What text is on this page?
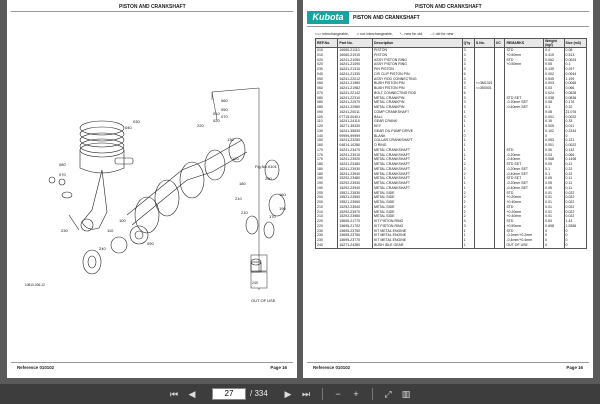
PISTON AND CRANKSHAFT
010
020
060
050
070
220
030
040
080
070
130
120
180
200
160
190
170
210
210
090
110
100
230
240
240
Fig.No.0101
OUT OF USE
10810-006-12
Reference 010102	Page 16
PISTON AND CRANKSHAFT
Kubota	PISTON AND CRANKSHAFT
<=> interchangeable, -> not interchangeable, *-- new for old, --> old for new
REF.No.	Part No.	Description	Q'ty	S.No.	I/C	REMARKS	Weight (kgf)	Size (m3)
010	16060-21110	PISTON	3			STD	0.4	0.08
010	16060-21910	PISTON	3			+0.50mm	0.415	0.513
020	16241-21050	ASSY PISTON RING	3			STD	0.062	0.0024
020	16241-21090	ASSY PISTON RING	3			+0.50mm	0.05	0.1
030	16241-21310	PIN PISTON	3				0.135	0.297
040	16241-21330	CIR CLIP PISTON PIN	6				0.002	0.0044
050	16241-22012	ASSY ROD CONNECTING	3				0.545	1.199
060	16241-21980	BUSH PISTON PIN	3	<=3M1321			0.003	0.0066
060	16241-21982	BUSH PISTON PIN	3	<=350001			0.03	0.066
070	16241-22142	BOLT CONNECTING ROD	6				0.024	0.0528
080	16241-22310	METAL CRANKPIN	3			STD SET	0.038	0.0836
080	16241-22970	METAL CRANKPIN	3			-0.20mm SET	0.08	0.176
080	16241-22980	METAL CRANKPIN	3			-0.40mm SET	0.1	0.22
090	16241-20011	COMP CRANKSHAFT	1				9.08	21.076
100	07715-00401	BALL	3				0.001	0.0022
110	16241-24110	GEAR CRANK	1				0.15	0.33
120	16271-35330	KEY	1				0.005	0.011
130	16241-35630	GEAR OIL PUMP DRIVE	1				0.102	0.2244
140	99999-99999	BLANK	0				0	0
150	16241-23250	COLLAR CRANKSHAFT	1				0.053	0.121
160	04814-10280	O RING	1				0.001	0.0022
170	16241-23470	METAL CRANKSHAFT	1			STD	0.06	0.132
170	16241-23910	METAL CRANKSHAFT	1			-0.20mm	0.03	0.066
170	16241-23920	METAL CRANKSHAFT	1			-0.40mm	0.068	0.1496
180	16241-23480	METAL CRANKSHAFT	2			STD SET	0.05	0.11
180	16241-23930	METAL CRANKSHAFT	2			-0.20mm SET	0.1	0.22
180	16241-23940	METAL CRANKSHAFT	2			-0.40mm SET	0.1	0.22
190	15292-23480	METAL CRANKSHAFT	1			STD SET	0.05	0.11
190	15292-23930	METAL CRANKSHAFT	1			-0.20mm SET	0.05	0.11
190	15292-23940	METAL CRANKSHAFT	1			-0.40mm SET	0.05	0.11
200	15521-23530	METAL SIDE	2			STD	0.01	0.022
200	15521-23950	METAL SIDE	2			+0.20mm	0.01	0.022
200	15521-23960	METAL SIDE	2			+0.40mm	0.01	0.022
210	15292-23540	METAL SIDE	2			STD	0.01	0.022
210	15292-23970	METAL SIDE	2			+0.20mm	0.01	0.022
210	15292-23980	METAL SIDE	2			+0.40mm	0.01	0.022
220	15695-21770	KIT PISTON-RING	3			STD	0.63	1.43
220	15695-21792	KIT PISTON-RING	3			+0.50mm	0.698	1.5356
230	15695-23750	KIT METAL ENGINE	1			STD	0	0
230	15695-23760	KIT METAL ENGINE	1			-0.2mm/+0.2mm	0	0
230	15695-23770	KIT METAL ENGINE	1			-0.4mm/+0.4mm	0	0
240	16271-24280	BUSH IDLE GEAR	1			OUT OF USE	0	0
Reference 010102	Page 16
⏮ ◀	27	/ 334 ▶ ⏭	−	+	⤢ ▥
